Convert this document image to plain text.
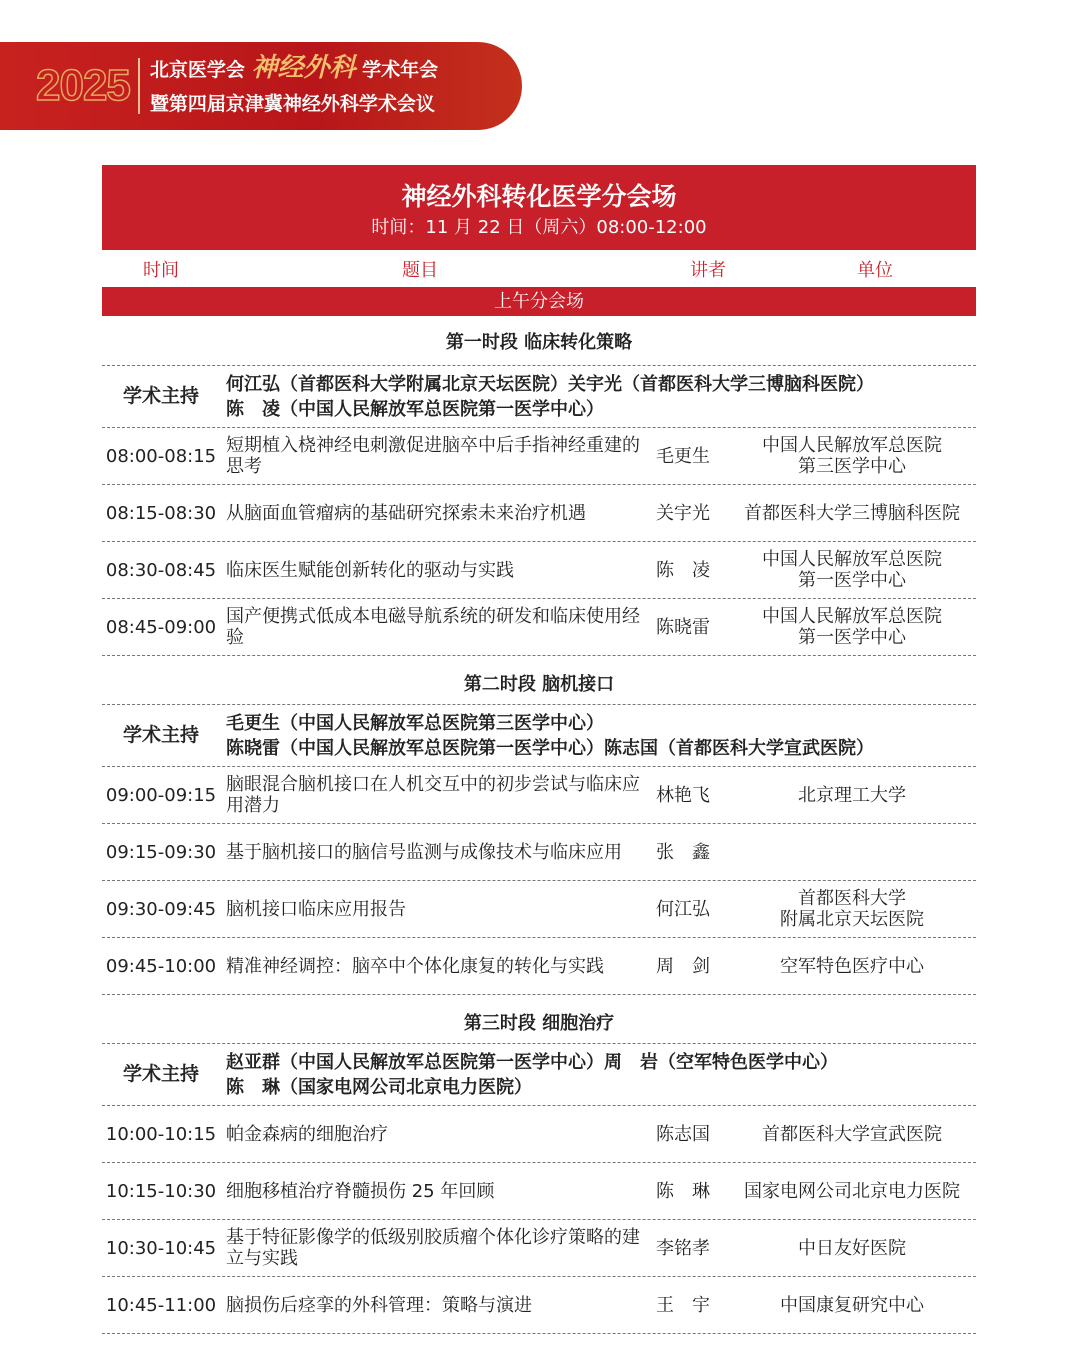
2025 北京医学会 神经外科 学术年会
暨第四届京津冀神经外科学术会议
神经外科转化医学分会场
时间：11 月 22 日（周六）08:00-12:00
时间	题目	讲者	单位
上午分会场
第一时段 临床转化策略
学术主持
何江弘（首都医科大学附属北京天坛医院）关宇光（首都医科大学三博脑科医院）
陈　凌（中国人民解放军总医院第一医学中心）
08:00-08:15 短期植入桡神经电刺激促进脑卒中后手指神经重建的思考	毛更生	中国人民解放军总医院
第三医学中心
08:15-08:30 从脑面血管瘤病的基础研究探索未来治疗机遇	关宇光	首都医科大学三博脑科医院
08:30-08:45 临床医生赋能创新转化的驱动与实践	陈　凌	中国人民解放军总医院
第一医学中心
08:45-09:00 国产便携式低成本电磁导航系统的研发和临床使用经验	陈晓雷	中国人民解放军总医院
第一医学中心
第二时段 脑机接口
学术主持
毛更生（中国人民解放军总医院第三医学中心）
陈晓雷（中国人民解放军总医院第一医学中心）陈志国（首都医科大学宣武医院）
09:00-09:15 脑眼混合脑机接口在人机交互中的初步尝试与临床应用潜力	林艳飞	北京理工大学
09:15-09:30 基于脑机接口的脑信号监测与成像技术与临床应用	张　鑫
09:30-09:45 脑机接口临床应用报告	何江弘	首都医科大学
附属北京天坛医院
09:45-10:00 精准神经调控：脑卒中个体化康复的转化与实践	周　剑	空军特色医疗中心
第三时段 细胞治疗
学术主持
赵亚群（中国人民解放军总医院第一医学中心）周　岩（空军特色医学中心）
陈　琳（国家电网公司北京电力医院）
10:00-10:15 帕金森病的细胞治疗	陈志国	首都医科大学宣武医院
10:15-10:30 细胞移植治疗脊髓损伤 25 年回顾	陈　琳	国家电网公司北京电力医院
10:30-10:45 基于特征影像学的低级别胶质瘤个体化诊疗策略的建立与实践	李铭孝	中日友好医院
10:45-11:00 脑损伤后痉挛的外科管理：策略与演进	王　宇	中国康复研究中心
